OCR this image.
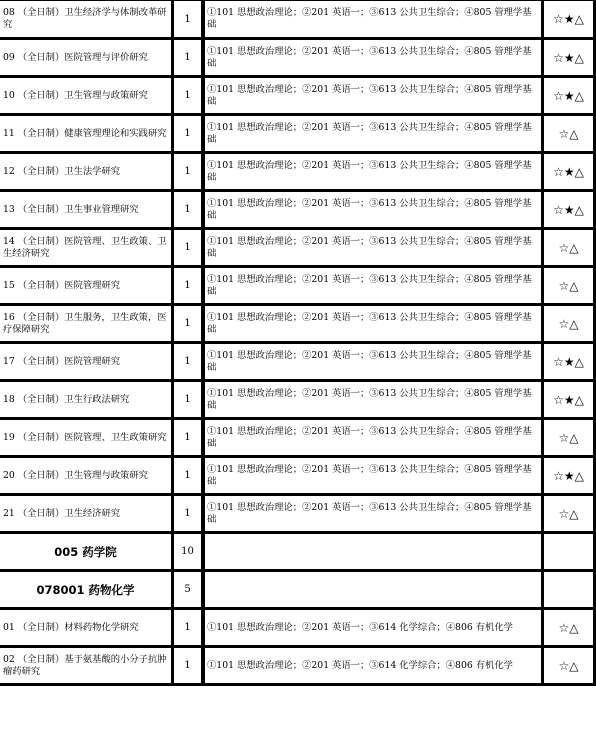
08 （全日制）卫生经济学与体制改革研究	1	①101 思想政治理论；②201 英语一；③613 公共卫生综合；④805 管理学基础	☆★△

09 （全日制）医院管理与评价研究	1	①101 思想政治理论；②201 英语一；③613 公共卫生综合；④805 管理学基础	☆★△

10 （全日制）卫生管理与政策研究	1	①101 思想政治理论；②201 英语一；③613 公共卫生综合；④805 管理学基础	☆★△

11 （全日制）健康管理理论和实践研究	1	①101 思想政治理论；②201 英语一；③613 公共卫生综合；④805 管理学基础	☆△

12 （全日制）卫生法学研究	1	①101 思想政治理论；②201 英语一；③613 公共卫生综合；④805 管理学基础	☆★△

13 （全日制）卫生事业管理研究	1	①101 思想政治理论；②201 英语一；③613 公共卫生综合；④805 管理学基础	☆★△

14 （全日制）医院管理、卫生政策、卫生经济研究	1	①101 思想政治理论；②201 英语一；③613 公共卫生综合；④805 管理学基础	☆△

15 （全日制）医院管理研究	1	①101 思想政治理论；②201 英语一；③613 公共卫生综合；④805 管理学基础	☆△

16 （全日制）卫生服务，卫生政策，医疗保障研究	1	①101 思想政治理论；②201 英语一；③613 公共卫生综合；④805 管理学基础	☆△

17 （全日制）医院管理研究	1	①101 思想政治理论；②201 英语一；③613 公共卫生综合；④805 管理学基础	☆★△

18 （全日制）卫生行政法研究	1	①101 思想政治理论；②201 英语一；③613 公共卫生综合；④805 管理学基础	☆★△

19 （全日制）医院管理、卫生政策研究	1	①101 思想政治理论；②201 英语一；③613 公共卫生综合；④805 管理学基础	☆△

20 （全日制）卫生管理与政策研究	1	①101 思想政治理论；②201 英语一；③613 公共卫生综合；④805 管理学基础	☆★△

21 （全日制）卫生经济研究	1	①101 思想政治理论；②201 英语一；③613 公共卫生综合；④805 管理学基础	☆△

005 药学院	10		

078001 药物化学	5		

01 （全日制）材料药物化学研究	1	①101 思想政治理论；②201 英语一；③614 化学综合；④806 有机化学	☆△

02 （全日制）基于氨基酸的小分子抗肿瘤药研究	1	①101 思想政治理论；②201 英语一；③614 化学综合；④806 有机化学	☆△
